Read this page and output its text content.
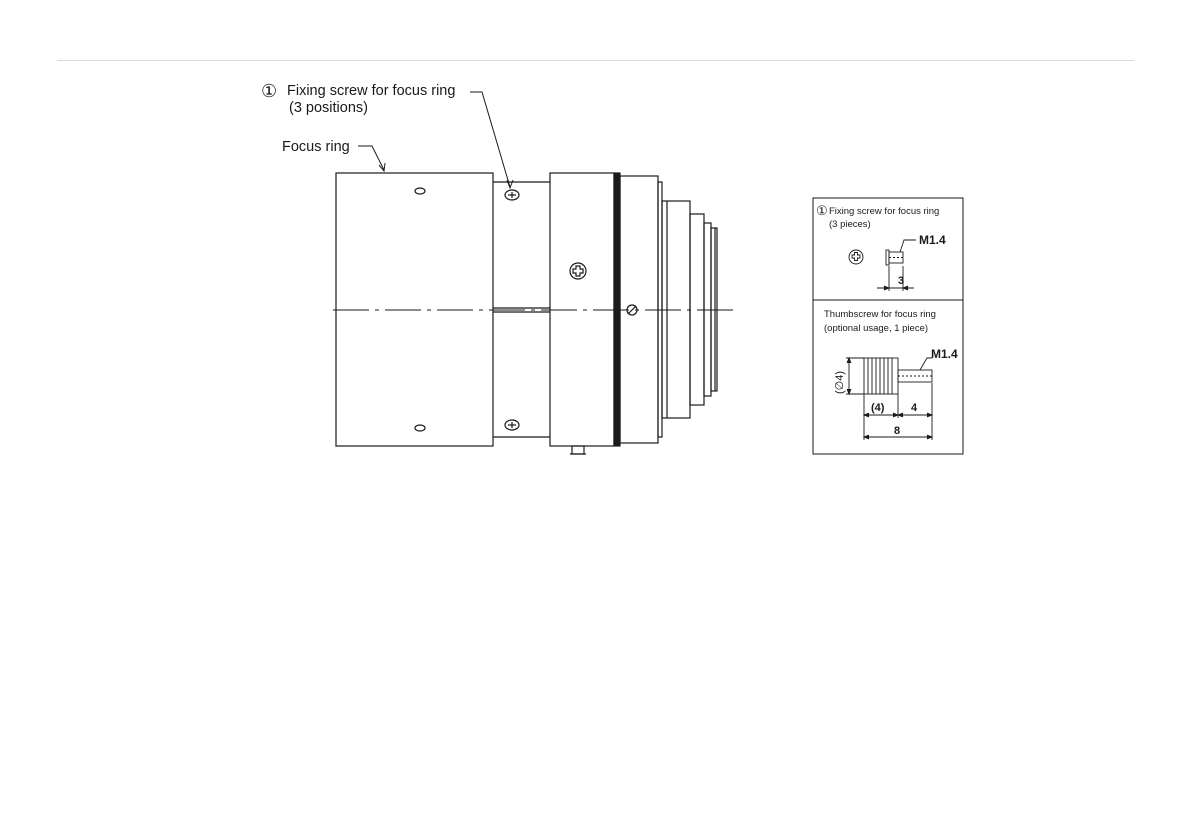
① Fixing screw for focus ring
(3 positions)
Focus ring
① Fixing screw for focus ring
(3 pieces)
M1.4
3
Thumbscrew for focus ring
(optional usage, 1 piece)
M1.4
(∅4)
(4) 4
8
